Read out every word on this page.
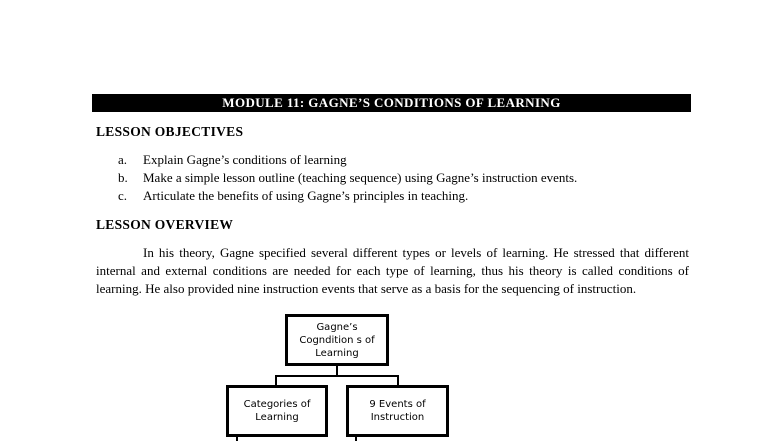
MODULE 11: GAGNE’S CONDITIONS OF LEARNING
LESSON OBJECTIVES
a. Explain Gagne’s conditions of learning
b. Make a simple lesson outline (teaching sequence) using Gagne’s instruction events.
c. Articulate the benefits of using Gagne’s principles in teaching.
LESSON OVERVIEW
In his theory, Gagne specified several different types or levels of learning. He stressed that different internal and external conditions are needed for each type of learning, thus his theory is called conditions of learning. He also provided nine instruction events that serve as a basis for the sequencing of instruction.
Gagne’s Cogndition s of Learning
Categories of Learning
9 Events of Instruction
